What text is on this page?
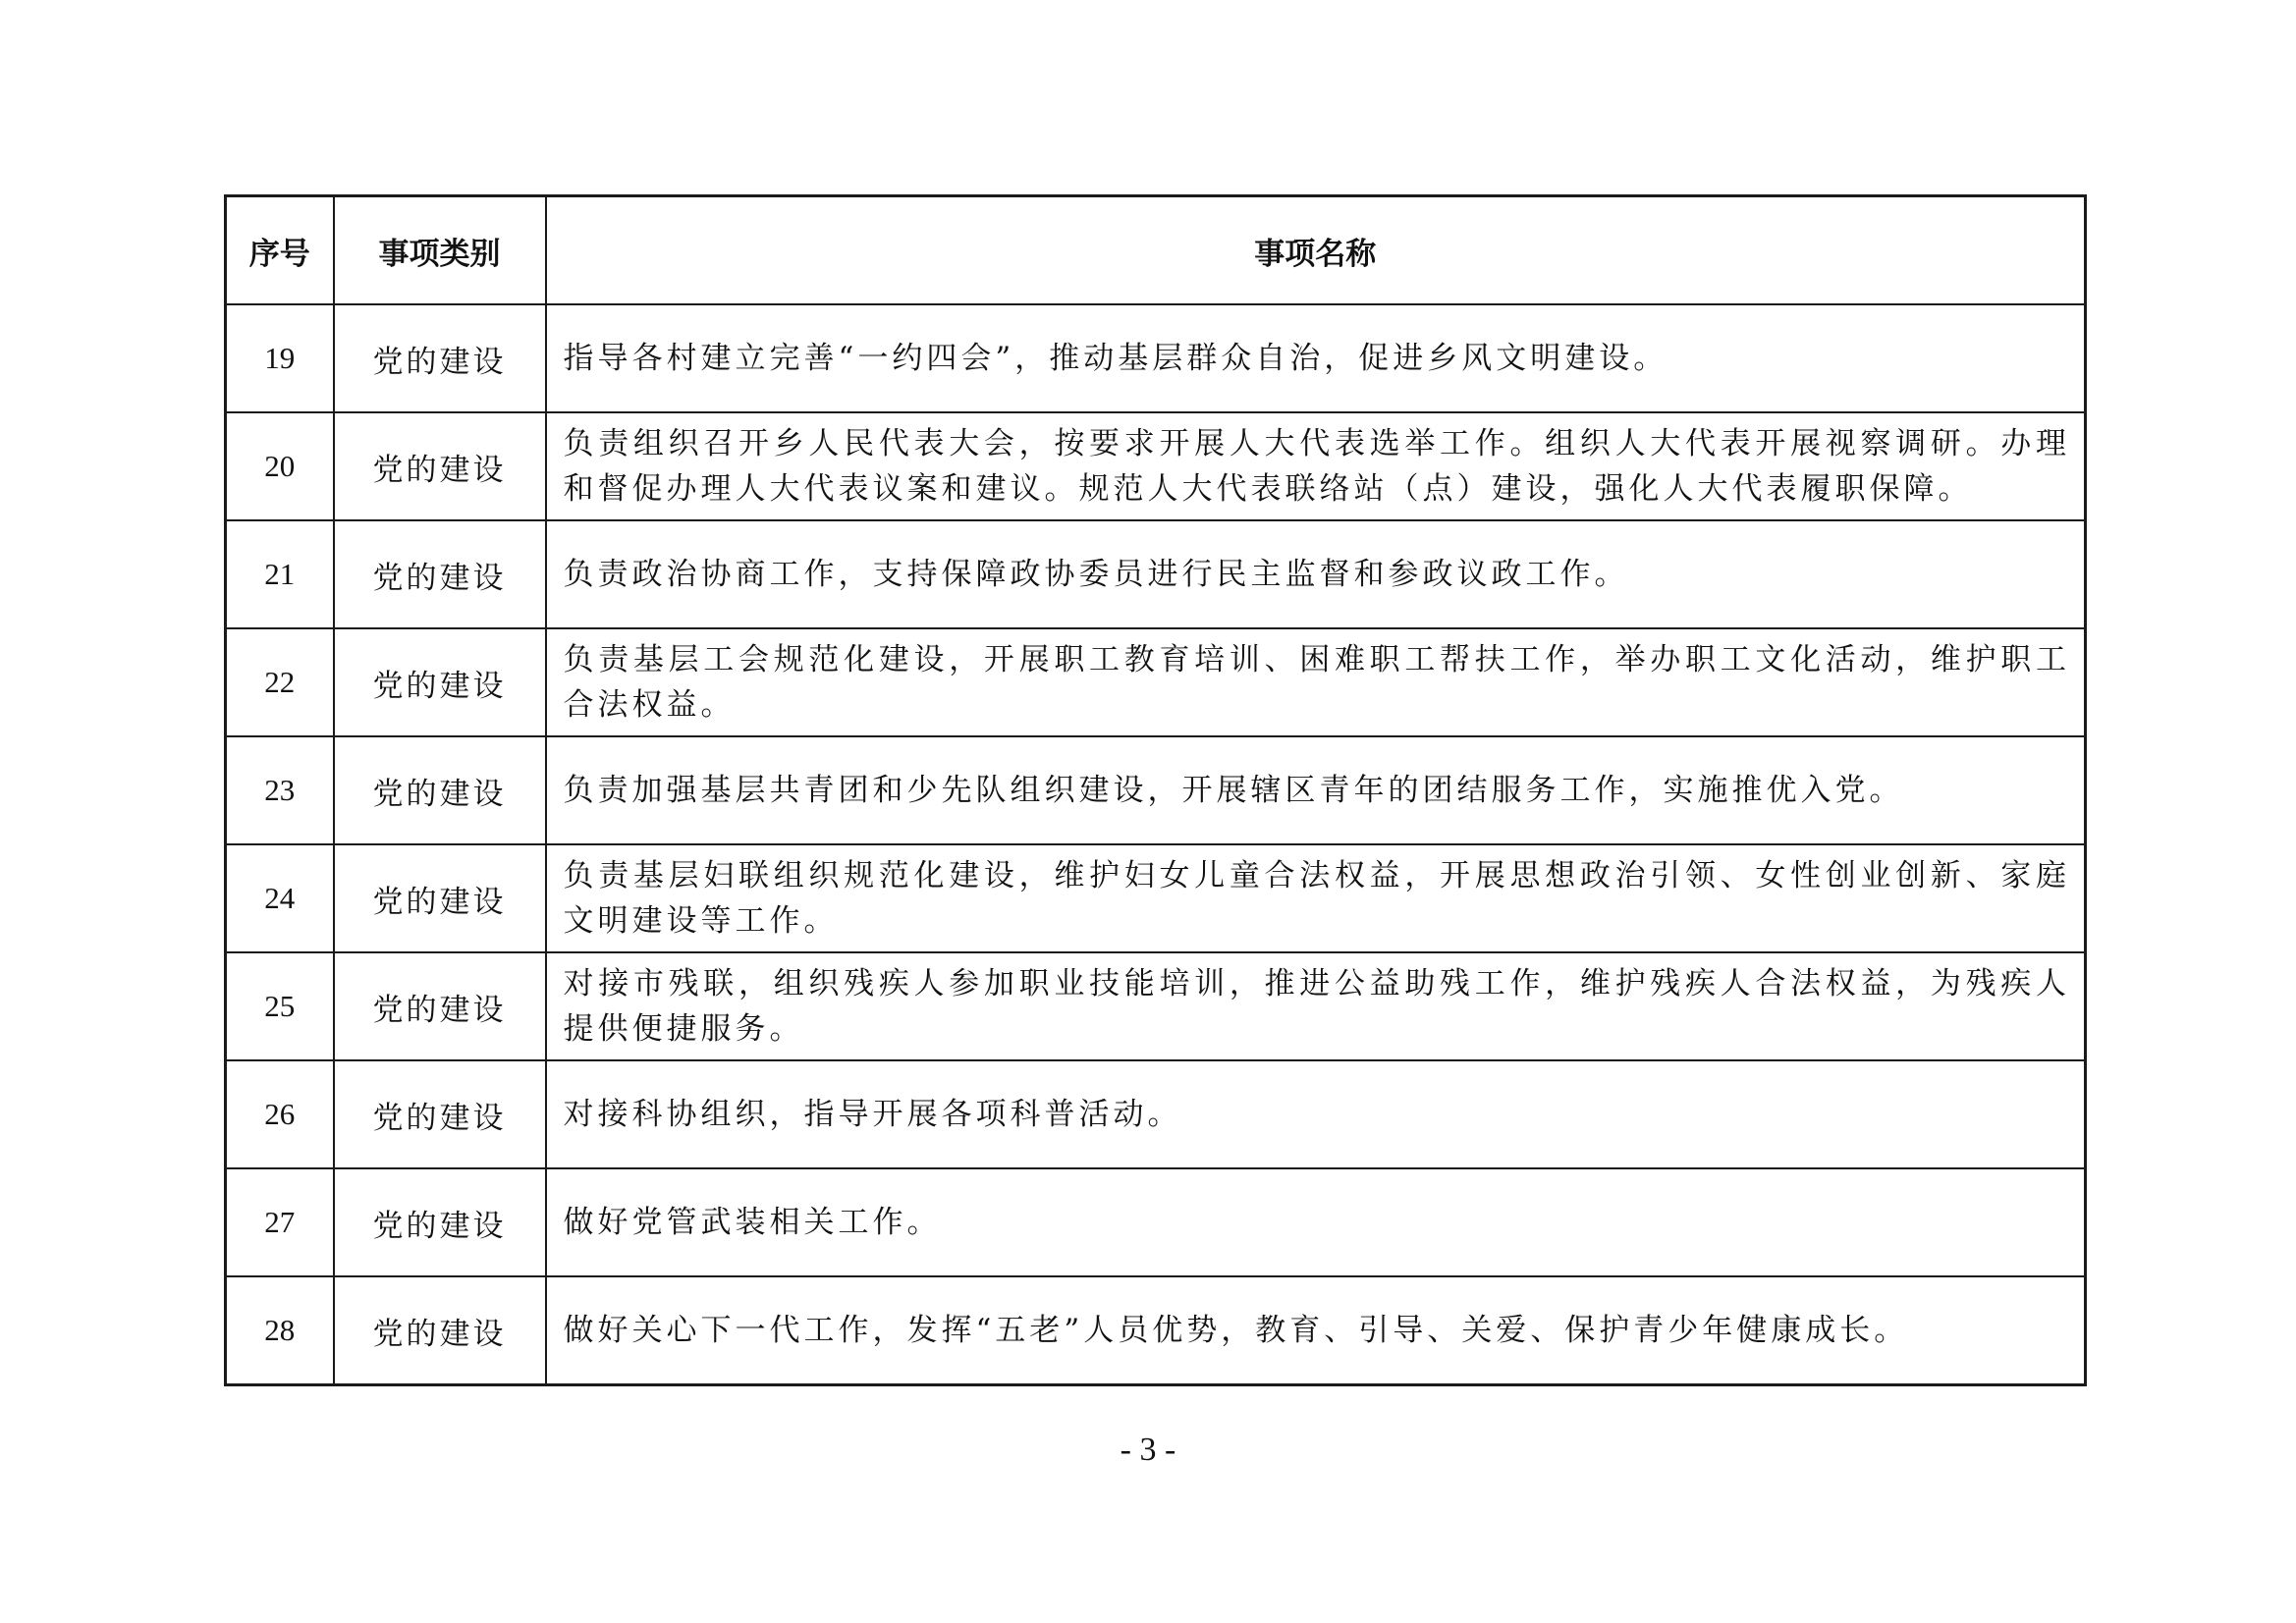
序号	事项类别	事项名称
19	党的建设	指导各村建立完善“一约四会”，推动基层群众自治，促进乡风文明建设。
20	党的建设	负责组织召开乡人民代表大会，按要求开展人大代表选举工作。组织人大代表开展视察调研。办理和督促办理人大代表议案和建议。规范人大代表联络站（点）建设，强化人大代表履职保障。
21	党的建设	负责政治协商工作，支持保障政协委员进行民主监督和参政议政工作。
22	党的建设	负责基层工会规范化建设，开展职工教育培训、困难职工帮扶工作，举办职工文化活动，维护职工合法权益。
23	党的建设	负责加强基层共青团和少先队组织建设，开展辖区青年的团结服务工作，实施推优入党。
24	党的建设	负责基层妇联组织规范化建设，维护妇女儿童合法权益，开展思想政治引领、女性创业创新、家庭文明建设等工作。
25	党的建设	对接市残联，组织残疾人参加职业技能培训，推进公益助残工作，维护残疾人合法权益，为残疾人提供便捷服务。
26	党的建设	对接科协组织，指导开展各项科普活动。
27	党的建设	做好党管武装相关工作。
28	党的建设	做好关心下一代工作，发挥“五老”人员优势，教育、引导、关爱、保护青少年健康成长。
- 3 -
